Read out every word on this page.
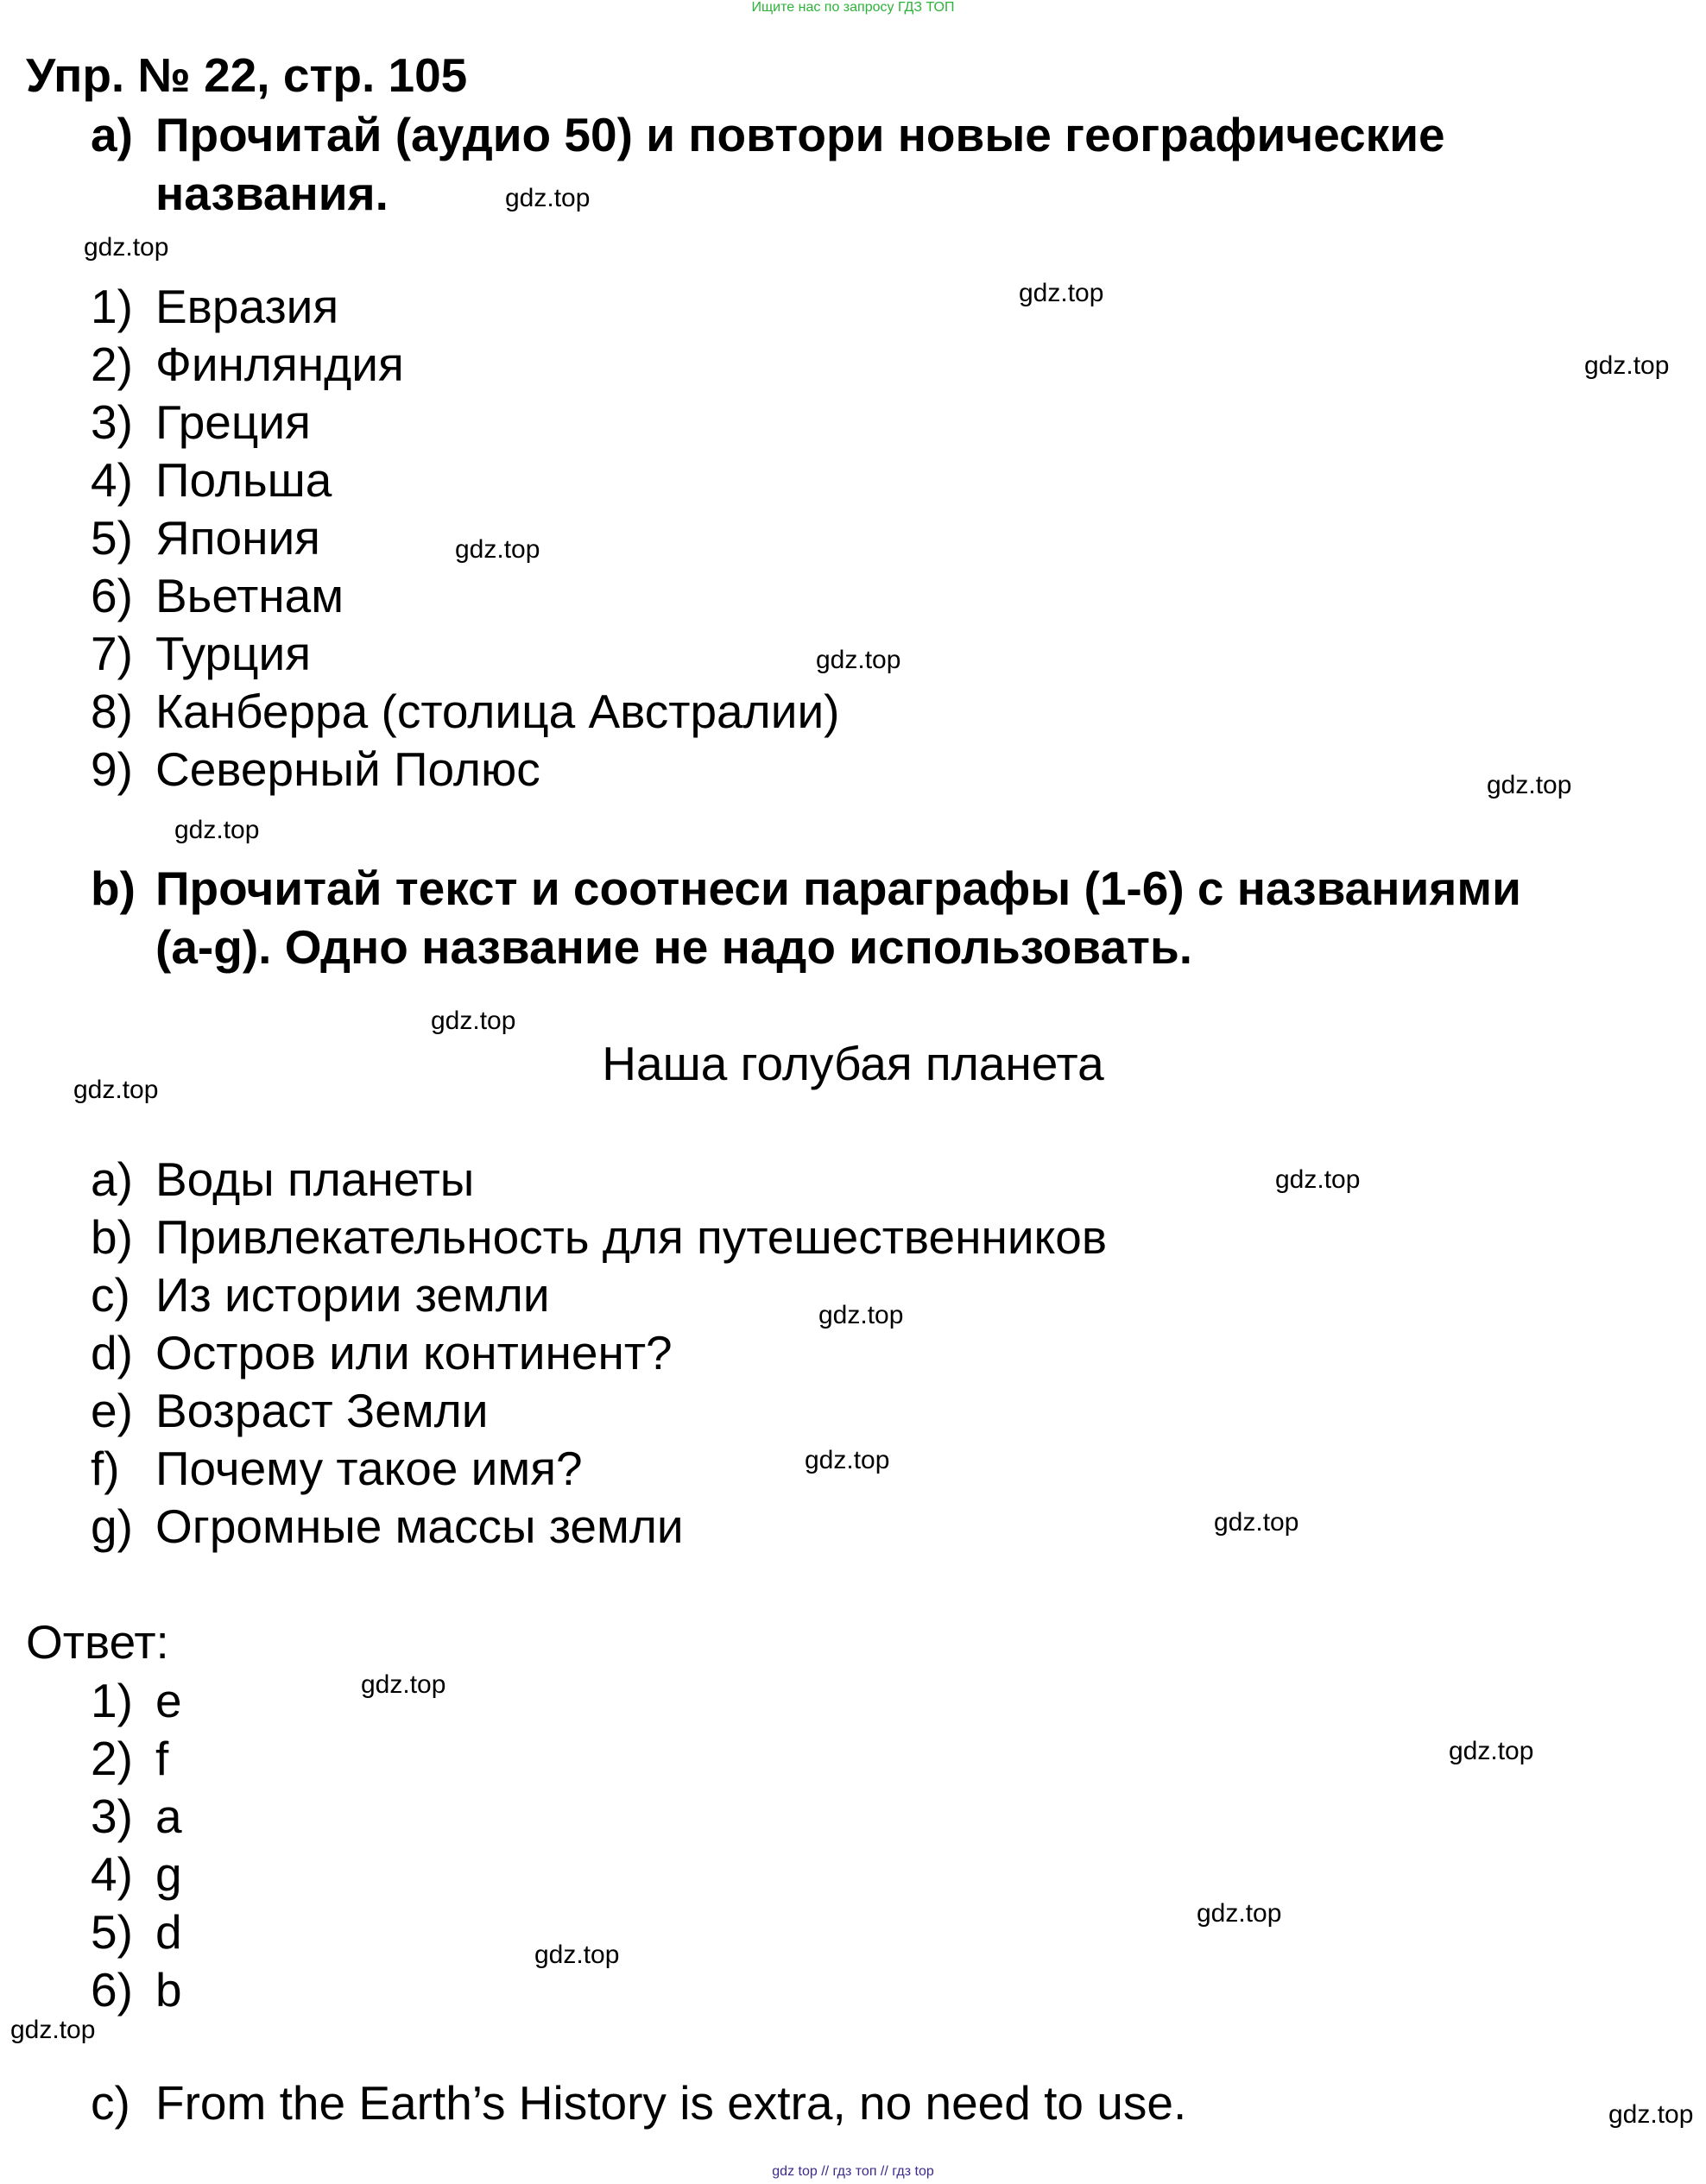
Ищите нас по запросу ГДЗ ТОП
Упр. № 22, стр. 105
a) Прочитай (аудио 50) и повтори новые географические
названия.
1) Евразия
2) Финляндия
3) Греция
4) Польша
5) Япония
6) Вьетнам
7) Турция
8) Канберра (столица Австралии)
9) Северный Полюс
b) Прочитай текст и соотнеси параграфы (1-6) с названиями
(a-g). Одно название не надо использовать.
Наша голубая планета
a) Воды планеты
b) Привлекательность для путешественников
c) Из истории земли
d) Остров или континент?
e) Возраст Земли
f) Почему такое имя?
g) Огромные массы земли
Ответ:
1) e
2) f
3) a
4) g
5) d
6) b
c) From the Earth’s History is extra, no need to use.
gdz.top
gdz.top
gdz.top
gdz.top
gdz.top
gdz.top
gdz.top
gdz.top
gdz.top
gdz.top
gdz.top
gdz.top
gdz.top
gdz.top
gdz.top
gdz.top
gdz.top
gdz.top
gdz.top
gdz.top
gdz top // гдз топ // гдз top
